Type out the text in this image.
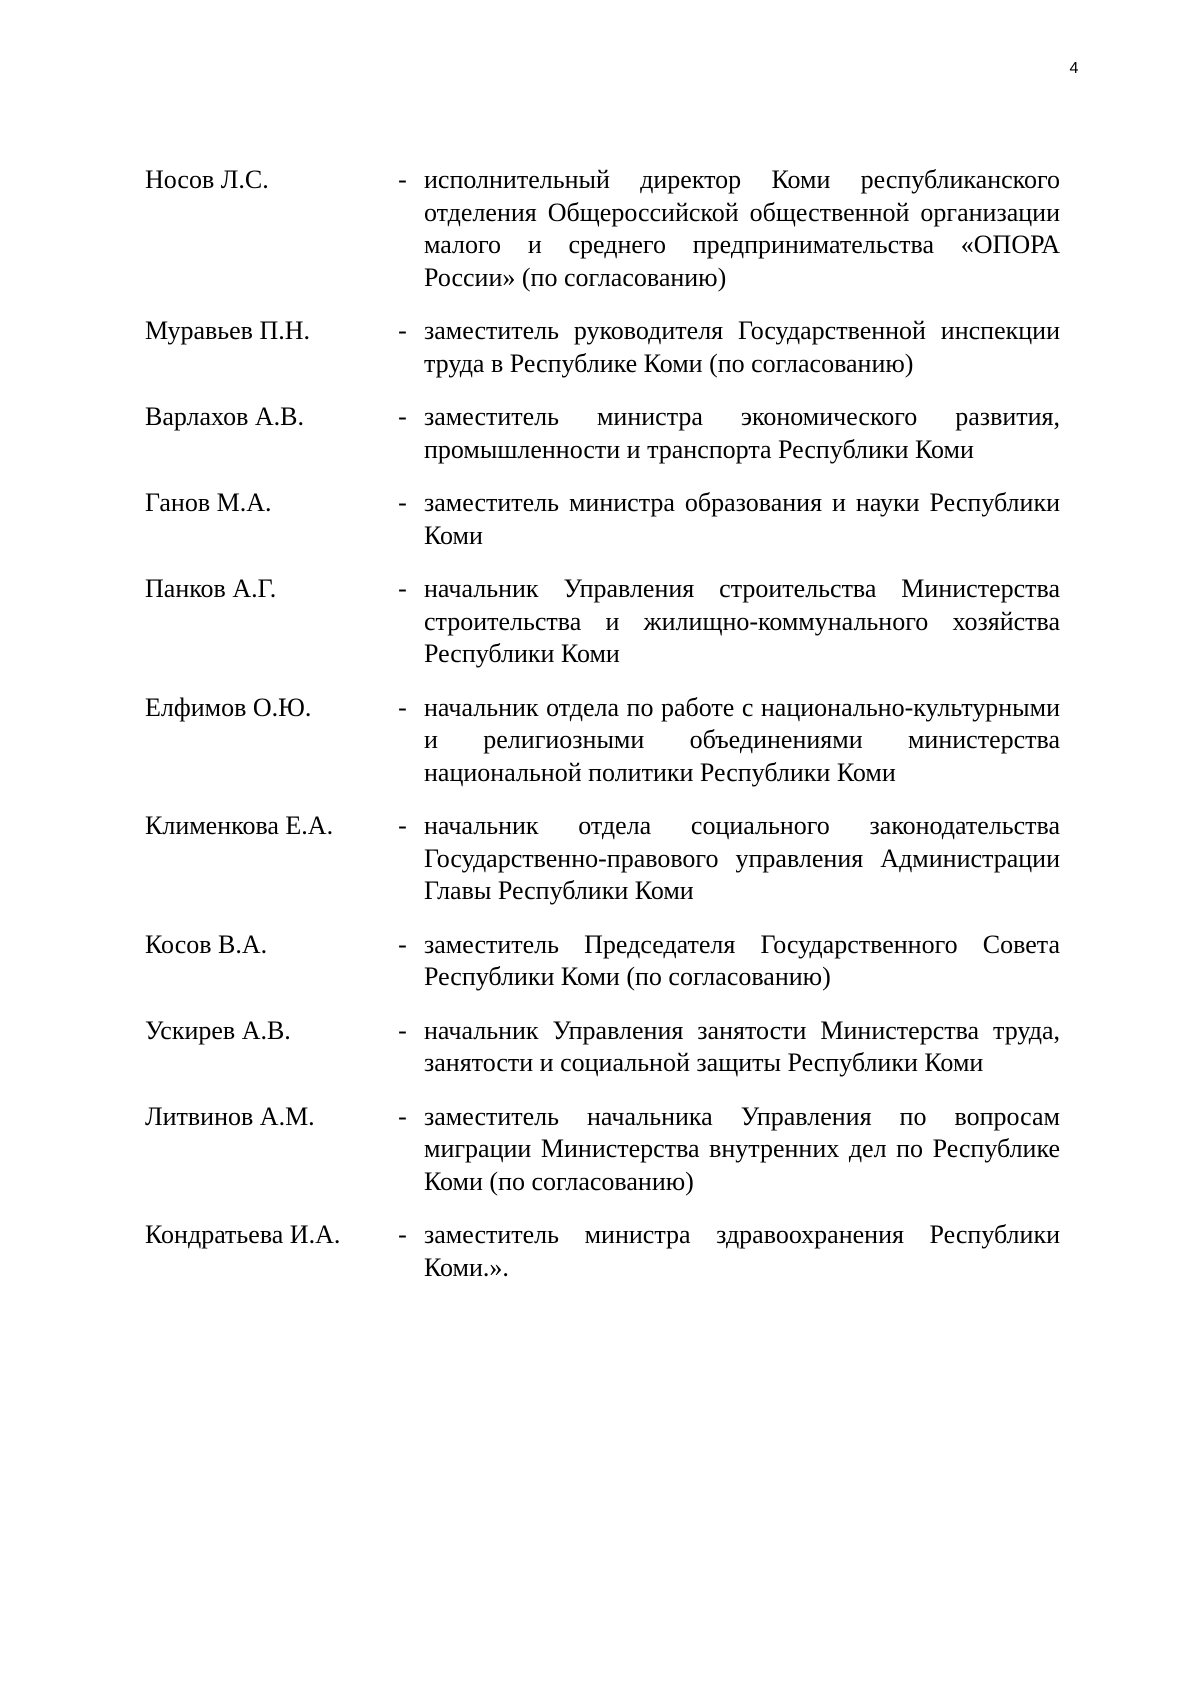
4
Носов Л.С.	- исполнительный директор Коми республиканского отделения Общероссийской общественной организации малого и среднего предпринимательства «ОПОРА России» (по согласованию)
Муравьев П.Н.	- заместитель руководителя Государственной инспекции труда в Республике Коми (по согласованию)
Варлахов А.В.	- заместитель министра экономического развития, промышленности и транспорта Республики Коми
Ганов М.А.	- заместитель министра образования и науки Республики Коми
Панков А.Г.	- начальник Управления строительства Министерства строительства и жилищно-коммунального хозяйства Республики Коми
Елфимов О.Ю.	- начальник отдела по работе с национально-культурными и религиозными объединениями министерства национальной политики Республики Коми
Клименкова Е.А.	- начальник отдела социального законодательства Государственно-правового управления Администрации Главы Республики Коми
Косов В.А.	- заместитель Председателя Государственного Совета Республики Коми (по согласованию)
Ускирев А.В.	- начальник Управления занятости Министерства труда, занятости и социальной защиты Республики Коми
Литвинов А.М.	- заместитель начальника Управления по вопросам миграции Министерства внутренних дел по Республике Коми (по согласованию)
Кондратьева И.А.	- заместитель министра здравоохранения Республики Коми.».
